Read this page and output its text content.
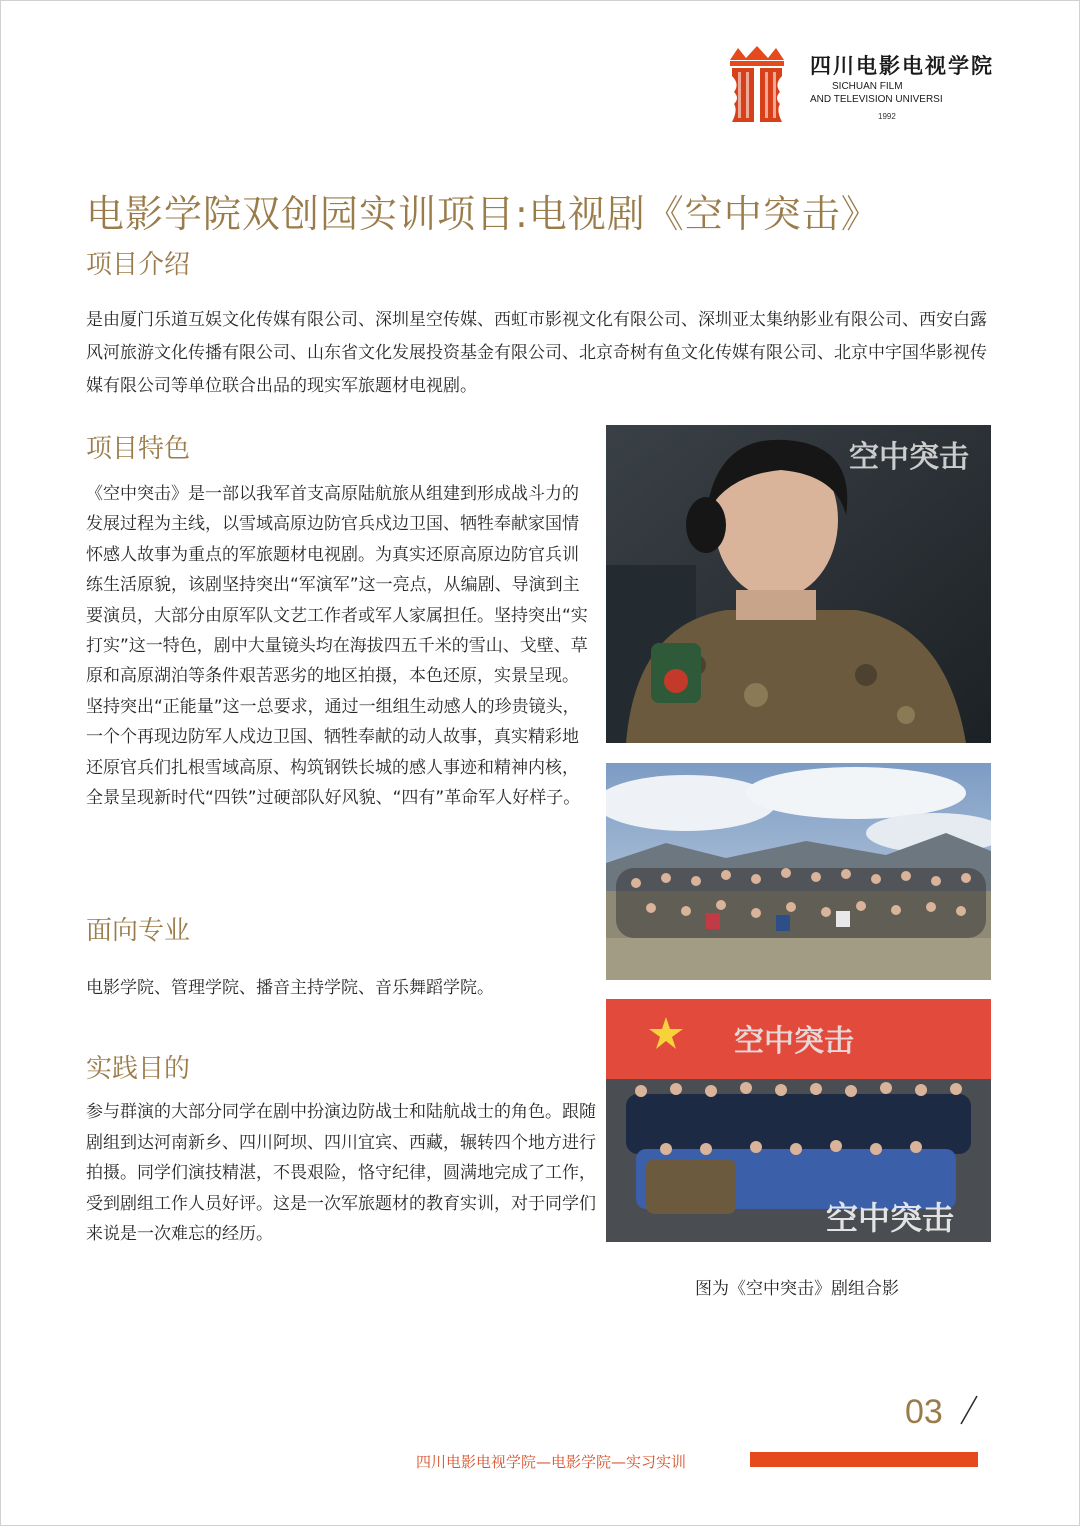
四川电影电视学院
SICHUAN FILM
AND TELEVISION UNIVERSI
1992
电影学院双创园实训项目:电视剧《空中突击》
项目介绍
是由厦门乐道互娱文化传媒有限公司、深圳星空传媒、西虹市影视文化有限公司、深圳亚太集纳影业有限公司、西安白露风河旅游文化传播有限公司、山东省文化发展投资基金有限公司、北京奇树有鱼文化传媒有限公司、北京中宇国华影视传媒有限公司等单位联合出品的现实军旅题材电视剧。
项目特色
《空中突击》是一部以我军首支高原陆航旅从组建到形成战斗力的发展过程为主线，以雪域高原边防官兵戍边卫国、牺牲奉献家国情怀感人故事为重点的军旅题材电视剧。为真实还原高原边防官兵训练生活原貌，该剧坚持突出“军演军”这一亮点，从编剧、导演到主要演员，大部分由原军队文艺工作者或军人家属担任。坚持突出“实打实”这一特色，剧中大量镜头均在海拔四五千米的雪山、戈壁、草原和高原湖泊等条件艰苦恶劣的地区拍摄，本色还原，实景呈现。坚持突出“正能量”这一总要求，通过一组组生动感人的珍贵镜头，一个个再现边防军人戍边卫国、牺牲奉献的动人故事，真实精彩地还原官兵们扎根雪域高原、构筑钢铁长城的感人事迹和精神内核，全景呈现新时代“四铁”过硬部队好风貌、“四有”革命军人好样子。
面向专业
电影学院、管理学院、播音主持学院、音乐舞蹈学院。
实践目的
参与群演的大部分同学在剧中扮演边防战士和陆航战士的角色。跟随剧组到达河南新乡、四川阿坝、四川宜宾、西藏，辗转四个地方进行拍摄。同学们演技精湛，不畏艰险，恪守纪律，圆满地完成了工作，受到剧组工作人员好评。这是一次军旅题材的教育实训，对于同学们来说是一次难忘的经历。
空中突击
空中突击
空中突击
图为《空中突击》剧组合影
03
四川电影电视学院—电影学院—实习实训
